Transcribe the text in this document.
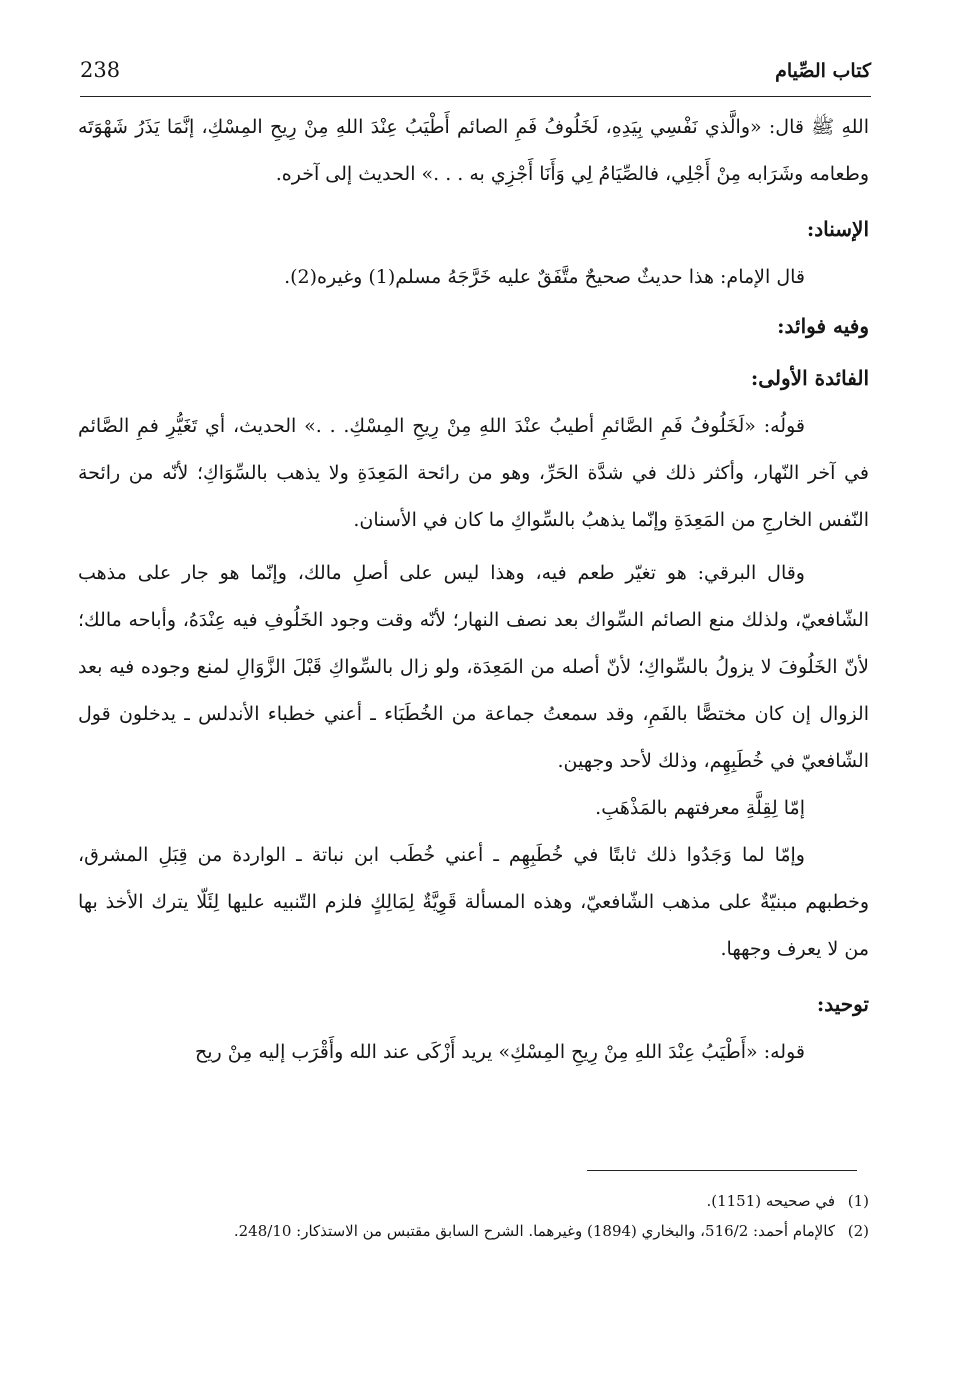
238	كتاب الصِّيام

اللهِ ﷺ قال: «والَّذي نَفْسِي بِيَدِهِ، لَخَلُوفُ فَمِ الصائم أَطْيَبُ عِنْدَ اللهِ مِنْ رِيحِ المِسْكِ، إنَّمَا يَذَرُ شَهْوَتَه وطعامه وشَرَابه مِنْ أَجْلِي، فالصِّيَامُ لِي وَأَنَا أَجْزِي به . . .» الحديث إلى آخره.

الإسناد:

قال الإمام: هذا حديثٌ صحيحٌ متَّفَقٌ عليه خَرَّجَهُ مسلم(1) وغيره(2).

وفيه فوائد:

الفائدة الأولى:

قولُه: «لَخَلُوفُ فَمِ الصَّائمِ أطيبُ عنْدَ اللهِ مِنْ رِيحِ المِسْكِ. . .» الحديث، أي تَغَيُّرِ فمِ الصَّائم في آخر النّهار، وأكثر ذلك في شدَّة الحَرِّ، وهو من رائحة المَعِدَةِ ولا يذهب بالسِّوَاكِ؛ لأنّه من رائحة النّفس الخارجِ من المَعِدَةِ وإنّما يذهبُ بالسِّواكِ ما كان في الأسنان.

وقال البرقي: هو تغيّر طعم فيه، وهذا ليس على أصلِ مالك، وإنّما هو جار على مذهب الشّافعيّ، ولذلك منع الصائم السِّواك بعد نصف النهار؛ لأنّه وقت وجود الخَلُوفِ فيه عِنْدَهُ، وأباحه مالك؛ لأنّ الخَلُوفَ لا يزولُ بالسِّواكِ؛ لأنّ أصله من المَعِدَة، ولو زال بالسِّواكِ قَبْلَ الزَّوَالِ لمنع وجوده فيه بعد الزوال إن كان مختصًّا بالفَمِ، وقد سمعتُ جماعة من الخُطَبَاء ـ أعني خطباء الأندلس ـ يدخلون قول الشّافعيّ في خُطَبِهِم، وذلك لأحد وجهين.

إمّا لِقِلَّةِ معرفتهم بالمَذْهَبِ.

وإمّا لما وَجَدُوا ذلك ثابتًا في خُطَبِهِم ـ أعني خُطَب ابن نباتة ـ الواردة من قِبَلِ المشرق، وخطبهم مبنيّةٌ على مذهب الشّافعيّ، وهذه المسألة قَوِيَّةٌ لِمَالِكٍ فلزم التّنبيه عليها لِئَلّا يترك الأخذ بها من لا يعرف وجهها.

توحيد:

قوله: «أَطْيَبُ عِنْدَ اللهِ مِنْ رِيحِ المِسْكِ» يريد أَزْكَى عند الله وأَقْرَب إليه مِنْ ريح

(1)
في صحيحه (1151).
(2)
كالإمام أحمد: 516/2، والبخاري (1894) وغيرهما. الشرح السابق مقتبس من الاستذكار: 248/10.
